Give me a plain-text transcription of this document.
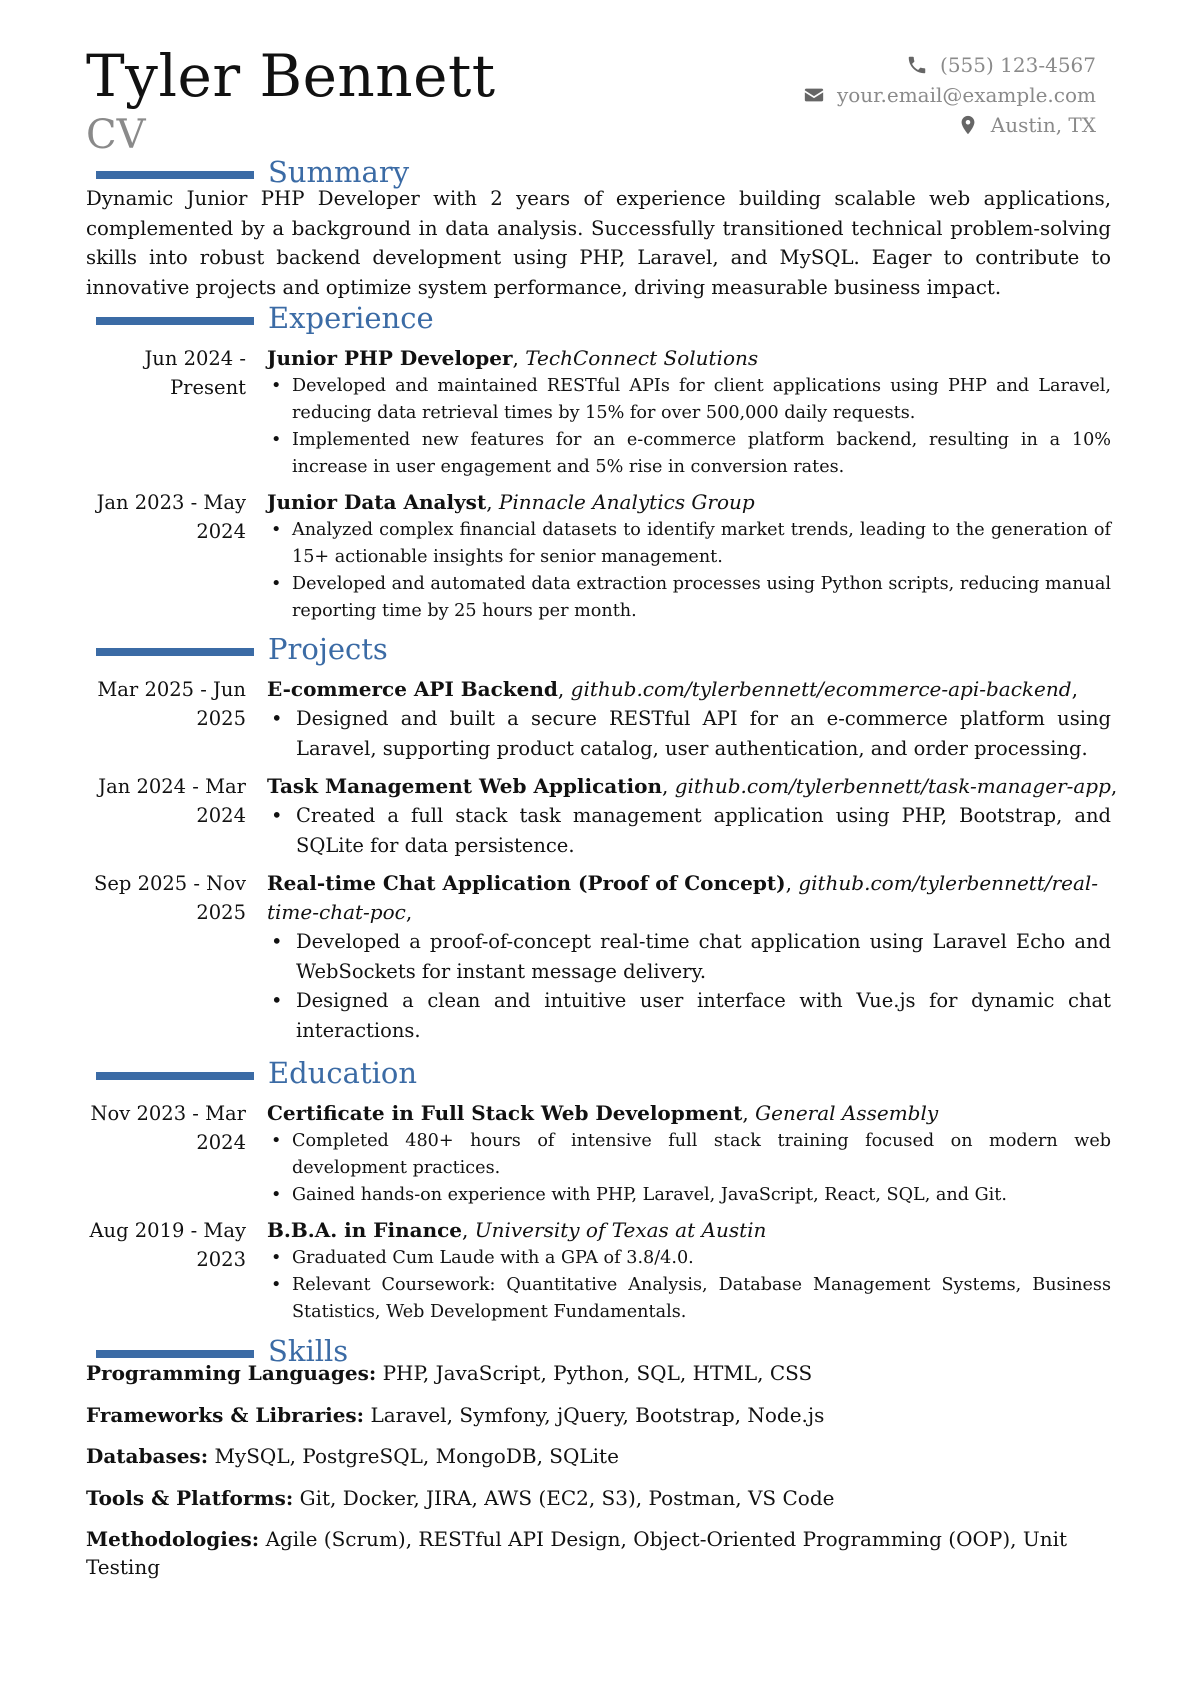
Tyler Bennett
CV
(555) 123-4567
your.email@example.com
Austin, TX
Summary
Dynamic Junior PHP Developer with 2 years of experience building scalable web applications, complemented by a background in data analysis. Successfully transitioned technical problem-solving skills into robust backend development using PHP, Laravel, and MySQL. Eager to contribute to innovative projects and optimize system performance, driving measurable business impact.
Experience
Jun 2024 - Present
Junior PHP Developer, TechConnect Solutions
• Developed and maintained RESTful APIs for client applications using PHP and Laravel, reducing data retrieval times by 15% for over 500,000 daily requests.
• Implemented new features for an e-commerce platform backend, resulting in a 10% increase in user engagement and 5% rise in conversion rates.
Jan 2023 - May 2024
Junior Data Analyst, Pinnacle Analytics Group
• Analyzed complex financial datasets to identify market trends, leading to the generation of 15+ actionable insights for senior management.
• Developed and automated data extraction processes using Python scripts, reducing manual reporting time by 25 hours per month.
Projects
Mar 2025 - Jun 2025
E-commerce API Backend, github.com/tylerbennett/ecommerce-api-backend,
• Designed and built a secure RESTful API for an e-commerce platform using Laravel, supporting product catalog, user authentication, and order processing.
Jan 2024 - Mar 2024
Task Management Web Application, github.com/tylerbennett/task-manager-app,
• Created a full stack task management application using PHP, Bootstrap, and SQLite for data persistence.
Sep 2025 - Nov 2025
Real-time Chat Application (Proof of Concept), github.com/tylerbennett/real-time-chat-poc,
• Developed a proof-of-concept real-time chat application using Laravel Echo and WebSockets for instant message delivery.
• Designed a clean and intuitive user interface with Vue.js for dynamic chat interactions.
Education
Nov 2023 - Mar 2024
Certificate in Full Stack Web Development, General Assembly
• Completed 480+ hours of intensive full stack training focused on modern web development practices.
• Gained hands-on experience with PHP, Laravel, JavaScript, React, SQL, and Git.
Aug 2019 - May 2023
B.B.A. in Finance, University of Texas at Austin
• Graduated Cum Laude with a GPA of 3.8/4.0.
• Relevant Coursework: Quantitative Analysis, Database Management Systems, Business Statistics, Web Development Fundamentals.
Skills
Programming Languages: PHP, JavaScript, Python, SQL, HTML, CSS
Frameworks & Libraries: Laravel, Symfony, jQuery, Bootstrap, Node.js
Databases: MySQL, PostgreSQL, MongoDB, SQLite
Tools & Platforms: Git, Docker, JIRA, AWS (EC2, S3), Postman, VS Code
Methodologies: Agile (Scrum), RESTful API Design, Object-Oriented Programming (OOP), Unit Testing
